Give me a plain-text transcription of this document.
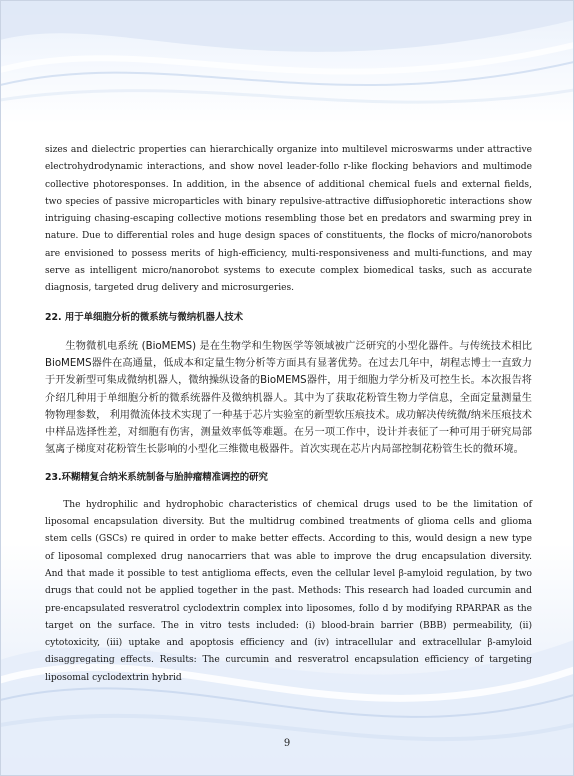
sizes and dielectric properties can hierarchically organize into multilevel microswarms under attractive electrohydrodynamic interactions, and show novel leader-follo r-like flocking behaviors and multimode collective photoresponses. In addition, in the absence of additional chemical fuels and external fields, two species of passive microparticles with binary repulsive-attractive diffusiophoretic interactions show intriguing chasing-escaping collective motions resembling those bet en predators and swarming prey in nature. Due to differential roles and huge design spaces of constituents, the flocks of micro/nanorobots are envisioned to possess merits of high-efficiency, multi-responsiveness and multi-functions, and may serve as intelligent micro/nanorobot systems to execute complex biomedical tasks, such as accurate diagnosis, targeted drug delivery and microsurgeries.

22. 用于单细胞分析的微系统与微纳机器人技术

生物微机电系统 (BioMEMS) 是在生物学和生物医学等领域被广泛研究的小型化器件。与传统技术相比 BioMEMS器件在高通量，低成本和定量生物分析等方面具有显著优势。在过去几年中，胡程志博士一直致力于开发新型可集成微纳机器人，微纳操纵设备的BioMEMS器件，用于细胞力学分析及可控生长。本次报告将介绍几种用于单细胞分析的微系统器件及微纳机器人。其中为了获取花粉管生物力学信息，全面定量测量生物物理参数， 利用微流体技术实现了一种基于芯片实验室的新型软压痕技术。成功解决传统微/纳米压痕技术中样品选择性差，对细胞有伤害，测量效率低等难题。在另一项工作中，设计并表征了一种可用于研究局部氢离子梯度对花粉管生长影响的小型化三维微电极器件。首次实现在芯片内局部控制花粉管生长的微环境。

23.环糊精复合纳米系统制备与胎肿瘤精准调控的研究

The hydrophilic and hydrophobic characteristics of chemical drugs used to be the limitation of liposomal encapsulation diversity. But the multidrug combined treatments of glioma cells and glioma stem cells (GSCs) re quired in order to make better effects. According to this, would design a new type of liposomal complexed drug nanocarriers that was able to improve the drug encapsulation diversity. And that made it possible to test antiglioma effects, even the cellular level β-amyloid regulation, by two drugs that could not be applied together in the past. Methods: This research had loaded curcumin and pre-encapsulated resveratrol cyclodextrin complex into liposomes, follo d by modifying RPARPAR as the target on the surface. The in vitro tests included: (i) blood-brain barrier (BBB) permeability, (ii) cytotoxicity, (iii) uptake and apoptosis efficiency and (iv) intracellular and extracellular β-amyloid disaggregating effects. Results: The curcumin and resveratrol encapsulation efficiency of targeting liposomal cyclodextrin hybrid

9
